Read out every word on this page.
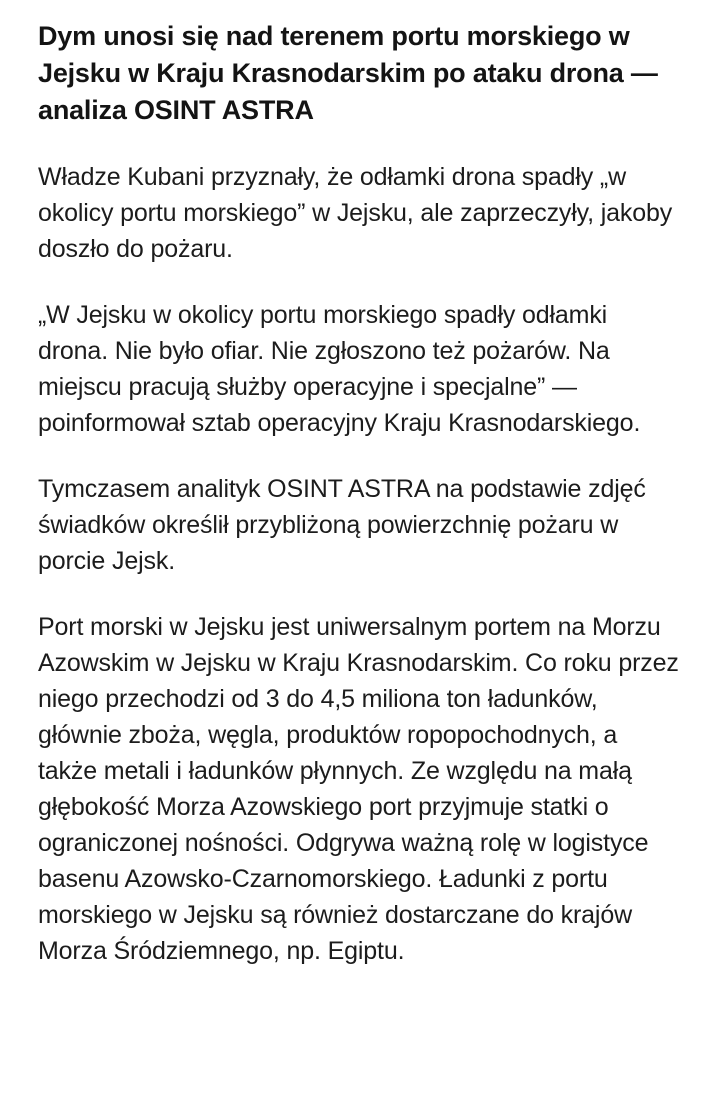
Dym unosi się nad terenem portu morskiego w Jejsku w Kraju Krasnodarskim po ataku drona — analiza OSINT ASTRA

Władze Kubani przyznały, że odłamki drona spadły „w okolicy portu morskiego” w Jejsku, ale zaprzeczyły, jakoby doszło do pożaru.

„W Jejsku w okolicy portu morskiego spadły odłamki drona. Nie było ofiar. Nie zgłoszono też pożarów. Na miejscu pracują służby operacyjne i specjalne” — poinformował sztab operacyjny Kraju Krasnodarskiego.

Tymczasem analityk OSINT ASTRA na podstawie zdjęć świadków określił przybliżoną powierzchnię pożaru w porcie Jejsk.

Port morski w Jejsku jest uniwersalnym portem na Morzu Azowskim w Jejsku w Kraju Krasnodarskim. Co roku przez niego przechodzi od 3 do 4,5 miliona ton ładunków, głównie zboża, węgla, produktów ropopochodnych, a także metali i ładunków płynnych. Ze względu na małą głębokość Morza Azowskiego port przyjmuje statki o ograniczonej nośności. Odgrywa ważną rolę w logistyce basenu Azowsko-Czarnomorskiego. Ładunki z portu morskiego w Jejsku są również dostarczane do krajów Morza Śródziemnego, np. Egiptu.
